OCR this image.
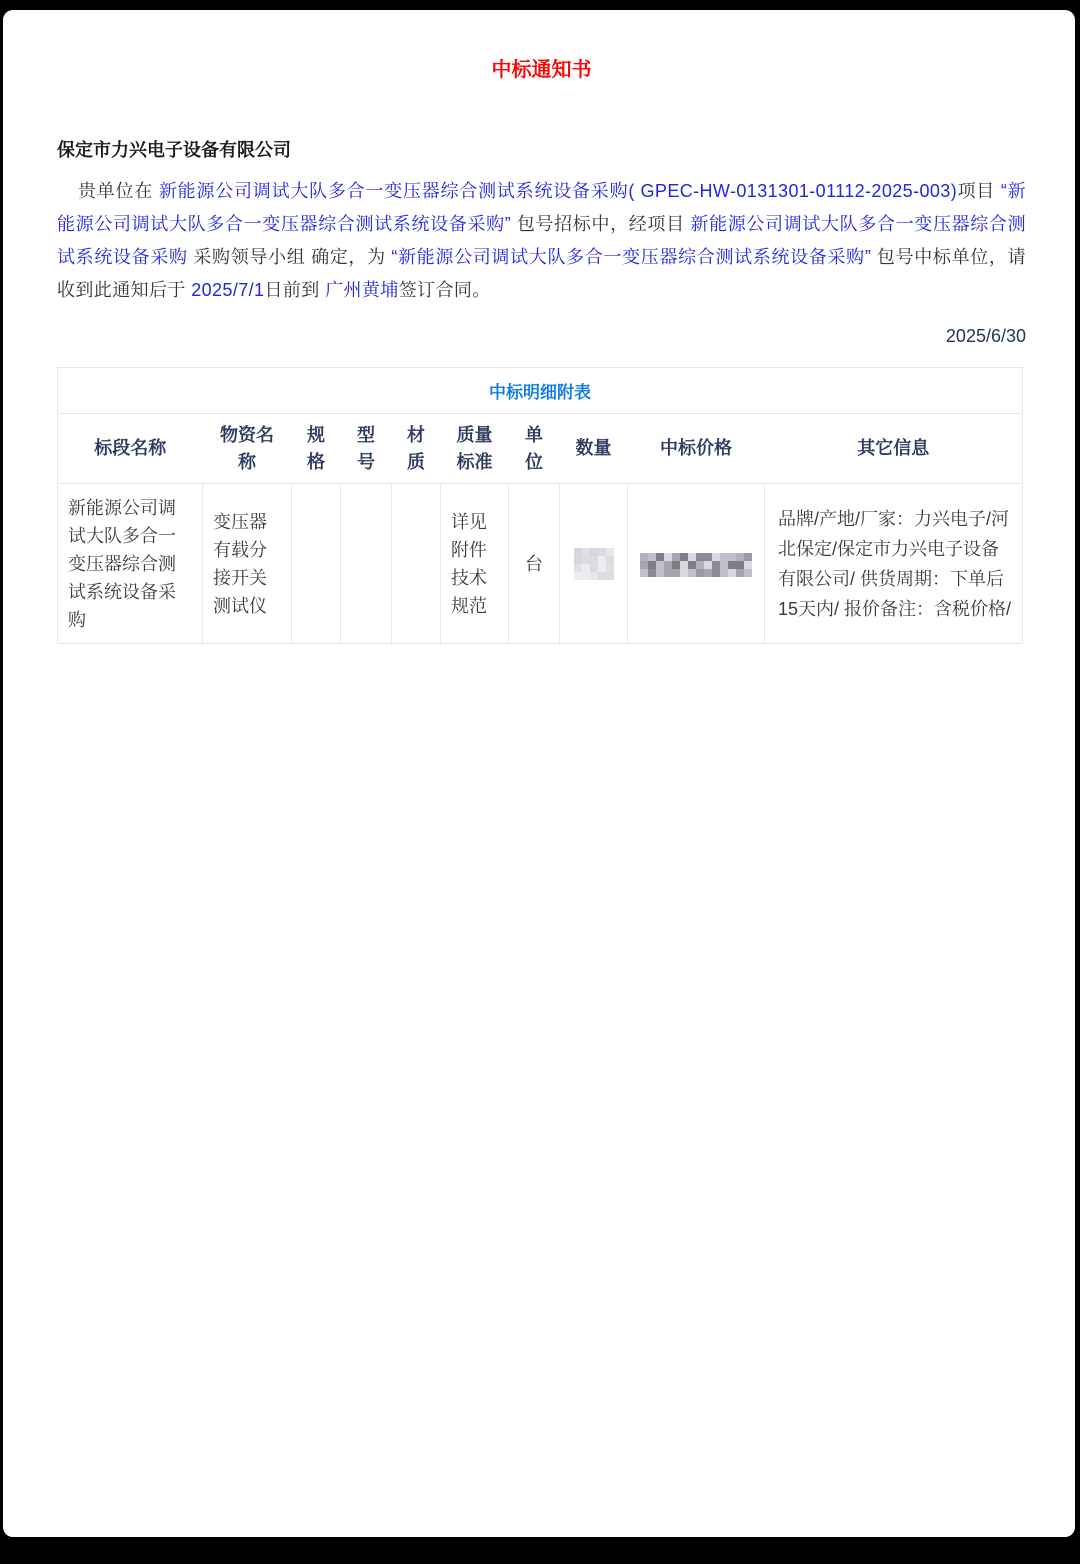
中标通知书
保定市力兴电子设备有限公司

贵单位在 新能源公司调试大队多合一变压器综合测试系统设备采购( GPEC-HW-0131301-01112-2025-003)项目 “新能源公司调试大队多合一变压器综合测试系统设备采购” 包号招标中，经项目 新能源公司调试大队多合一变压器综合测试系统设备采购 采购领导小组 确定，为 “新能源公司调试大队多合一变压器综合测试系统设备采购” 包号中标单位，请收到此通知后于 2025/7/1日前到 广州黄埔签订合同。

2025/6/30
中标明细附表									
标段名称	物资名称	规格	型号	材质	质量标准	单位	数量	中标价格	其它信息
新能源公司调试大队多合一变压器综合测试系统设备采购	变压器有载分接开关测试仪				详见附件技术规范	台			品牌/产地/厂家：力兴电子/河北保定/保定市力兴电子设备有限公司/ 供货周期：下单后15天内/ 报价备注：含税价格/
